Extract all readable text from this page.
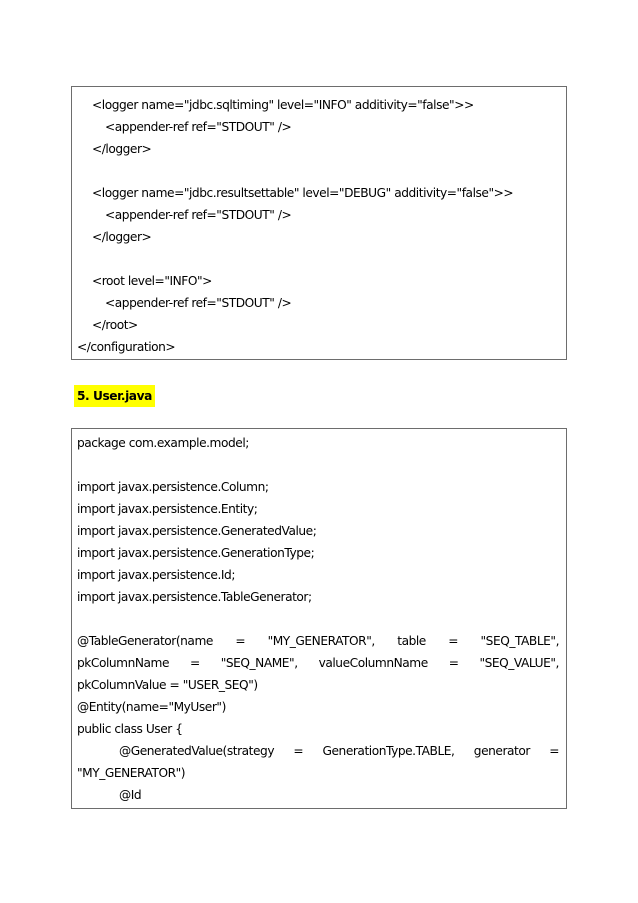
<logger name="jdbc.sqltiming" level="INFO" additivity="false">>
<appender-ref ref="STDOUT" />
</logger>
<logger name="jdbc.resultsettable" level="DEBUG" additivity="false">>
<appender-ref ref="STDOUT" />
</logger>
<root level="INFO">
<appender-ref ref="STDOUT" />
</root>
</configuration>
5. User.java
package com.example.model;
import javax.persistence.Column;
import javax.persistence.Entity;
import javax.persistence.GeneratedValue;
import javax.persistence.GenerationType;
import javax.persistence.Id;
import javax.persistence.TableGenerator;
@TableGenerator(name = "MY_GENERATOR", table = "SEQ_TABLE",
pkColumnName = "SEQ_NAME", valueColumnName = "SEQ_VALUE",
pkColumnValue = "USER_SEQ")
@Entity(name="MyUser")
public class User {
@GeneratedValue(strategy = GenerationType.TABLE, generator =
"MY_GENERATOR")
@Id
